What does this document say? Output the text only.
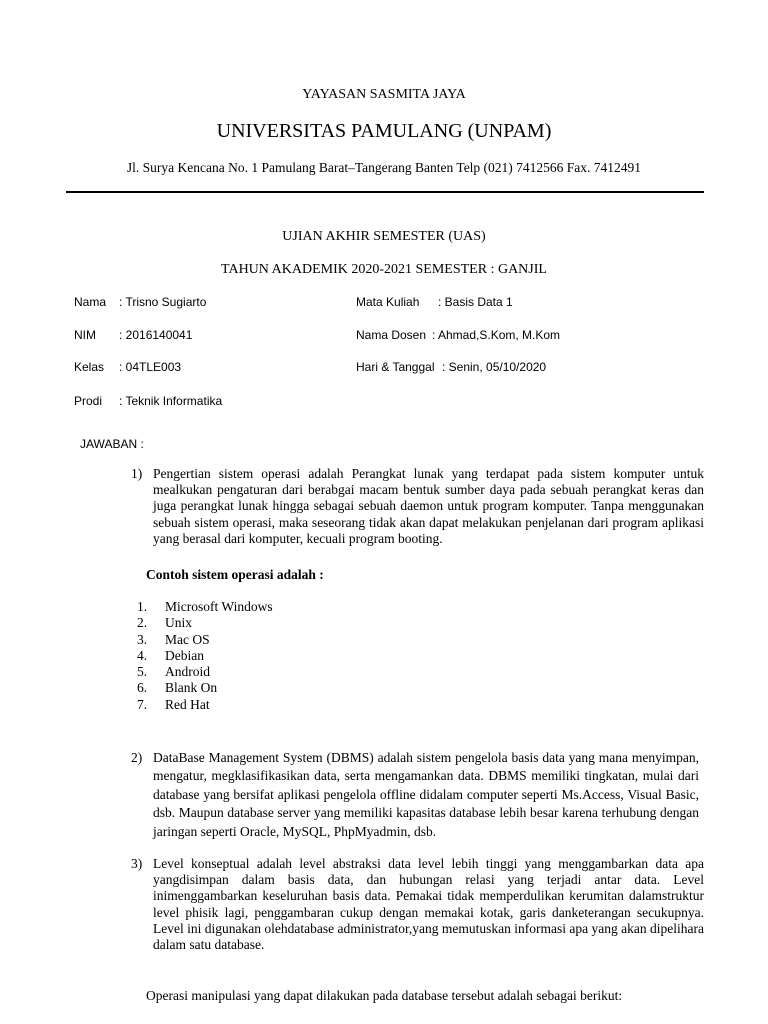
YAYASAN SASMITA JAYA
UNIVERSITAS PAMULANG (UNPAM)
Jl. Surya Kencana No. 1 Pamulang Barat–Tangerang Banten Telp (021) 7412566 Fax. 7412491
UJIAN AKHIR SEMESTER (UAS)
TAHUN AKADEMIK 2020-2021 SEMESTER : GANJIL
Nama : Trisno Sugiarto
NIM : 2016140041
Kelas : 04TLE003
Prodi : Teknik Informatika
Mata Kuliah : Basis Data 1
Nama Dosen : Ahmad,S.Kom, M.Kom
Hari & Tanggal : Senin, 05/10/2020
JAWABAN :
1) Pengertian sistem operasi adalah Perangkat lunak yang terdapat pada sistem komputer untuk mealkukan pengaturan dari berabgai macam bentuk sumber daya pada sebuah perangkat keras dan juga perangkat lunak hingga sebagai sebuah daemon untuk program komputer. Tanpa menggunakan sebuah sistem operasi, maka seseorang tidak akan dapat melakukan penjelanan dari program aplikasi yang berasal dari komputer, kecuali program booting.
Contoh sistem operasi adalah :
1. Microsoft Windows
2. Unix
3. Mac OS
4. Debian
5. Android
6. Blank On
7. Red Hat
2) DataBase Management System (DBMS) adalah sistem pengelola basis data yang mana menyimpan, mengatur, megklasifikasikan data, serta mengamankan data. DBMS memiliki tingkatan, mulai dari database yang bersifat aplikasi pengelola offline didalam computer seperti Ms.Access, Visual Basic, dsb. Maupun database server yang memiliki kapasitas database lebih besar karena terhubung dengan jaringan seperti Oracle, MySQL, PhpMyadmin, dsb.
3) Level konseptual adalah level abstraksi data level lebih tinggi yang menggambarkan data apa yangdisimpan dalam basis data, dan hubungan relasi yang terjadi antar data. Level inimenggambarkan keseluruhan basis data. Pemakai tidak memperdulikan kerumitan dalamstruktur level phisik lagi, penggambaran cukup dengan memakai kotak, garis danketerangan secukupnya. Level ini digunakan olehdatabase administrator,yang memutuskan informasi apa yang akan dipelihara dalam satu database.
Operasi manipulasi yang dapat dilakukan pada database tersebut adalah sebagai berikut:
